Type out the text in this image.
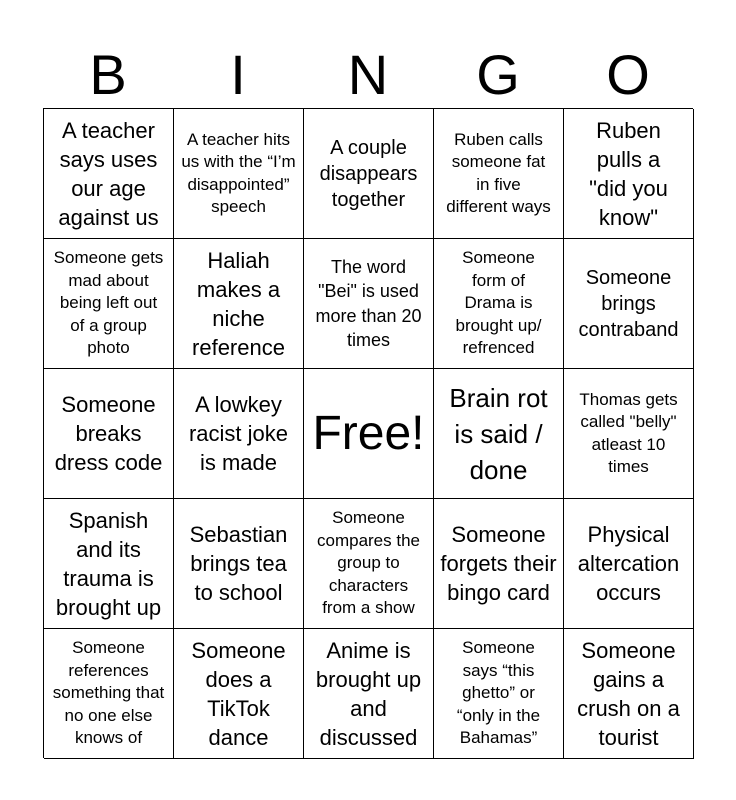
B	I	N	G	O
A teacher says uses our age against us
A teacher hits us with the “I’m disappointed” speech
A couple disappears together
Ruben calls someone fat in five different ways
Ruben pulls a "did you know"
Someone gets mad about being left out of a group photo
Haliah makes a niche reference
The word "Bei" is used more than 20 times
Someone form of Drama is brought up/ refrenced
Someone brings contraband
Someone breaks dress code
A lowkey racist joke is made
Free!
Brain rot is said / done
Thomas gets called "belly" atleast 10 times
Spanish and its trauma is brought up
Sebastian brings tea to school
Someone compares the group to characters from a show
Someone forgets their bingo card
Physical altercation occurs
Someone references something that no one else knows of
Someone does a TikTok dance
Anime is brought up and discussed
Someone says “this ghetto” or “only in the Bahamas”
Someone gains a crush on a tourist
